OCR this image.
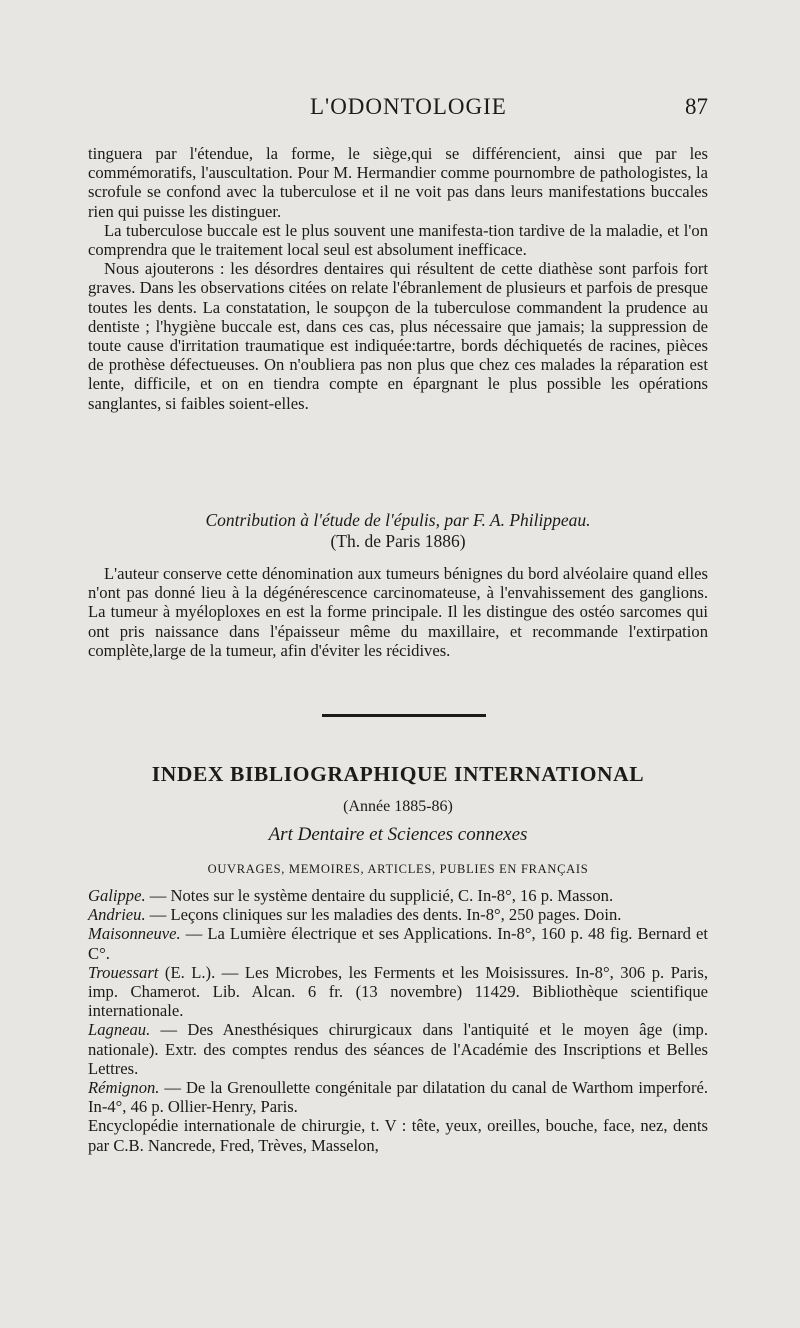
L'ODONTOLOGIE	87

tinguera par l'étendue, la forme, le siège,qui se différencient, ainsi que par les commémoratifs, l'auscultation. Pour M. Hermandier comme pournombre de pathologistes, la scrofule se confond avec la tuberculose et il ne voit pas dans leurs manifestations buccales rien qui puisse les distinguer.

La tuberculose buccale est le plus souvent une manifesta-tion tardive de la maladie, et l'on comprendra que le traitement local seul est absolument inefficace.

Nous ajouterons : les désordres dentaires qui résultent de cette diathèse sont parfois fort graves. Dans les observations citées on relate l'ébranlement de plusieurs et parfois de presque toutes les dents. La constatation, le soupçon de la tuberculose commandent la prudence au dentiste ; l'hygiène buccale est, dans ces cas, plus nécessaire que jamais; la suppression de toute cause d'irritation traumatique est indiquée:tartre, bords déchiquetés de racines, pièces de prothèse défectueuses. On n'oubliera pas non plus que chez ces malades la réparation est lente, difficile, et on en tiendra compte en épargnant le plus possible les opérations sanglantes, si faibles soient-elles.

Contribution à l'étude de l'épulis, par F. A. Philippeau.

(Th. de Paris 1886)

L'auteur conserve cette dénomination aux tumeurs bénignes du bord alvéolaire quand elles n'ont pas donné lieu à la dégénérescence carcinomateuse, à l'envahissement des ganglions. La tumeur à myéloploxes en est la forme principale. Il les distingue des ostéo sarcomes qui ont pris naissance dans l'épaisseur même du maxillaire, et recommande l'extirpation complète,large de la tumeur, afin d'éviter les récidives.

INDEX BIBLIOGRAPHIQUE INTERNATIONAL
(Année 1885-86)
Art Dentaire et Sciences connexes
OUVRAGES, MEMOIRES, ARTICLES, PUBLIES EN FRANÇAIS

Galippe. — Notes sur le système dentaire du supplicié, C. In-8°, 16 p. Masson.

Andrieu. — Leçons cliniques sur les maladies des dents. In-8°, 250 pages. Doin.

Maisonneuve. — La Lumière électrique et ses Applications. In-8°, 160 p. 48 fig. Bernard et C°.

Trouessart (E. L.). — Les Microbes, les Ferments et les Moisissures. In-8°, 306 p. Paris, imp. Chamerot. Lib. Alcan. 6 fr. (13 novembre) 11429. Bibliothèque scientifique internationale.

Lagneau. — Des Anesthésiques chirurgicaux dans l'antiquité et le moyen âge (imp. nationale). Extr. des comptes rendus des séances de l'Académie des Inscriptions et Belles Lettres.

Rémignon. — De la Grenoullette congénitale par dilatation du canal de Warthom imperforé. In-4°, 46 p. Ollier-Henry, Paris.

Encyclopédie internationale de chirurgie, t. V : tête, yeux, oreilles, bouche, face, nez, dents par C.B. Nancrede, Fred, Trèves, Masselon,
